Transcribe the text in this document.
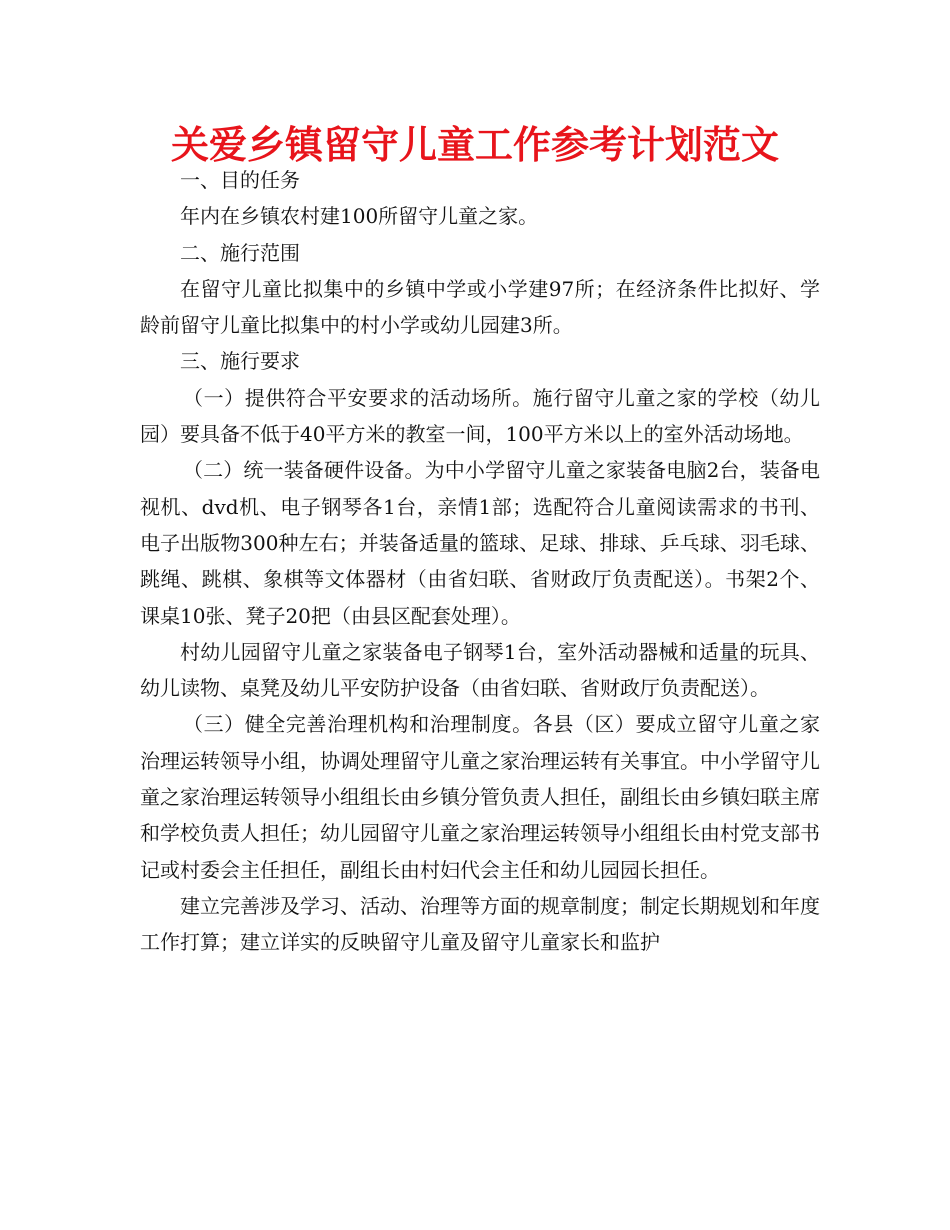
关爱乡镇留守儿童工作参考计划范文

一、目的任务

年内在乡镇农村建100所留守儿童之家。

二、施行范围

在留守儿童比拟集中的乡镇中学或小学建97所；在经济条件比拟好、学龄前留守儿童比拟集中的村小学或幼儿园建3所。

三、施行要求

（一）提供符合平安要求的活动场所。施行留守儿童之家的学校（幼儿园）要具备不低于40平方米的教室一间，100平方米以上的室外活动场地。

（二）统一装备硬件设备。为中小学留守儿童之家装备电脑2台，装备电视机、dvd机、电子钢琴各1台，亲情1部；选配符合儿童阅读需求的书刊、电子出版物300种左右；并装备适量的篮球、足球、排球、乒乓球、羽毛球、跳绳、跳棋、象棋等文体器材（由省妇联、省财政厅负责配送）。书架2个、课桌10张、凳子20把（由县区配套处理）。

村幼儿园留守儿童之家装备电子钢琴1台，室外活动器械和适量的玩具、幼儿读物、桌凳及幼儿平安防护设备（由省妇联、省财政厅负责配送）。

（三）健全完善治理机构和治理制度。各县（区）要成立留守儿童之家治理运转领导小组，协调处理留守儿童之家治理运转有关事宜。中小学留守儿童之家治理运转领导小组组长由乡镇分管负责人担任，副组长由乡镇妇联主席和学校负责人担任；幼儿园留守儿童之家治理运转领导小组组长由村党支部书记或村委会主任担任，副组长由村妇代会主任和幼儿园园长担任。

建立完善涉及学习、活动、治理等方面的规章制度；制定长期规划和年度工作打算；建立详实的反映留守儿童及留守儿童家长和监护
